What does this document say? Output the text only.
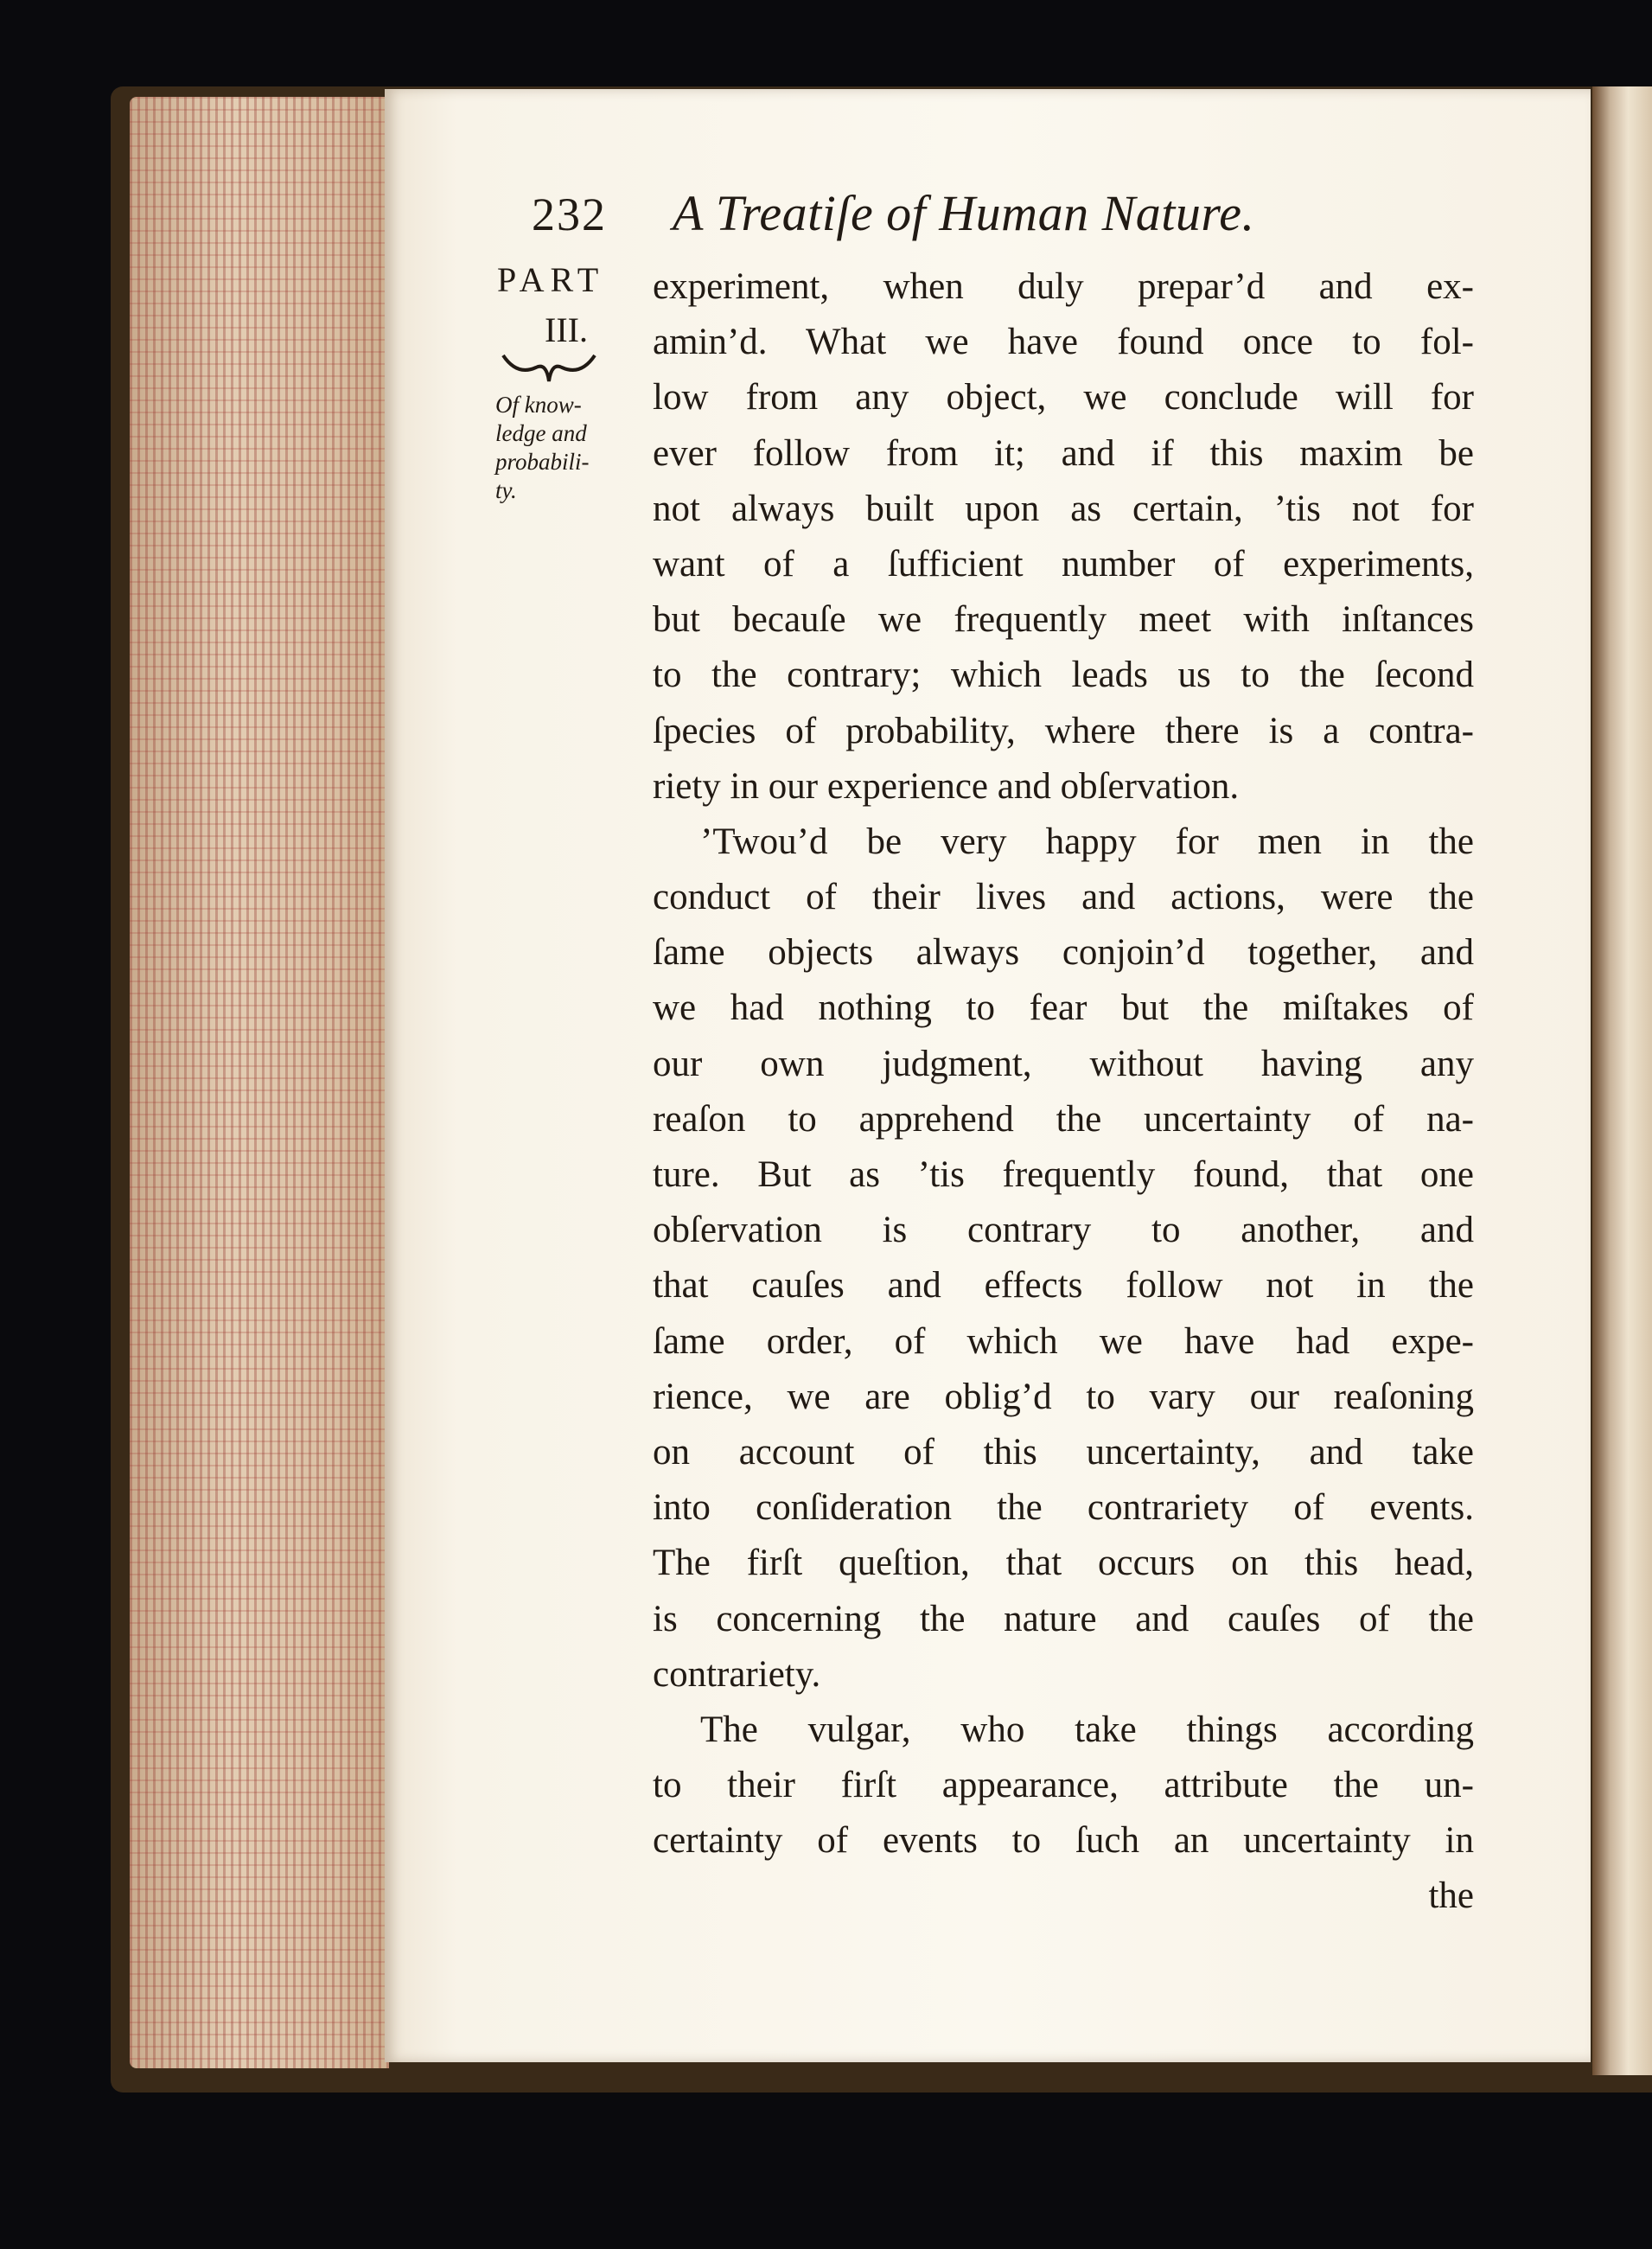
232 A Treatiſe of Human Nature.
PART
III.
Of know-
ledge and
probabili-
ty.
experiment, when duly prepar’d and ex-
amin’d. What we have found once to fol-
low from any object, we conclude will for
ever follow from it; and if this maxim be
not always built upon as certain, ’tis not for
want of a ſufficient number of experiments,
but becauſe we frequently meet with inſtances
to the contrary; which leads us to the ſecond
ſpecies of probability, where there is a contra-
riety in our experience and obſervation.
’Twou’d be very happy for men in the
conduct of their lives and actions, were the
ſame objects always conjoin’d together, and
we had nothing to fear but the miſtakes of
our own judgment, without having any
reaſon to apprehend the uncertainty of na-
ture. But as ’tis frequently found, that one
obſervation is contrary to another, and
that cauſes and effects follow not in the
ſame order, of which we have had expe-
rience, we are oblig’d to vary our reaſoning
on account of this uncertainty, and take
into conſideration the contrariety of events.
The firſt queſtion, that occurs on this head,
is concerning the nature and cauſes of the
contrariety.
The vulgar, who take things according
to their firſt appearance, attribute the un-
certainty of events to ſuch an uncertainty in
the
